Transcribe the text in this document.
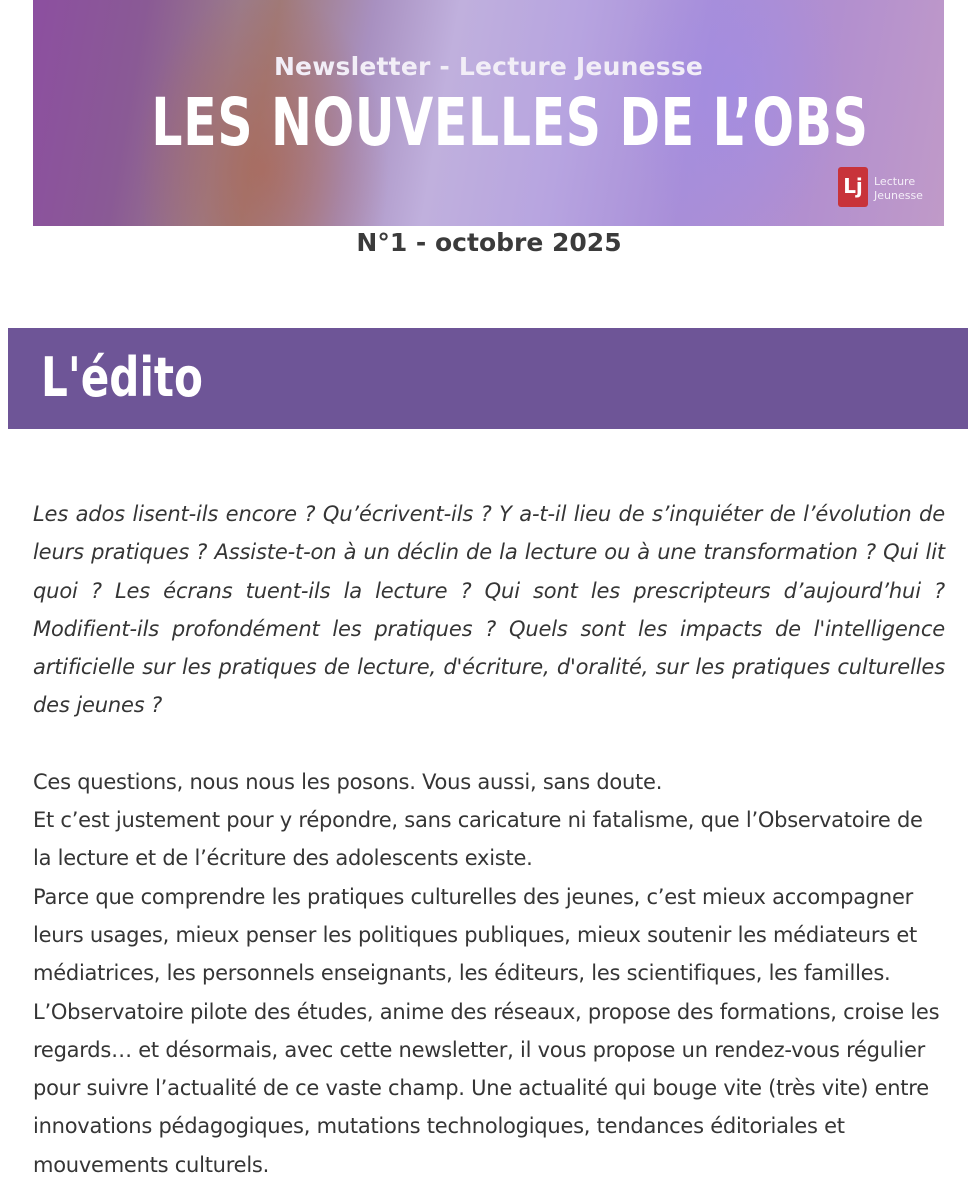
Newsletter - Lecture Jeunesse
LES NOUVELLES DE L’OBS
Lj	Lecture
Jeunesse
N°1 - octobre 2025
L'édito

Les ados lisent-ils encore ? Qu’écrivent-ils ? Y a-t-il lieu de s’inquiéter de l’évolution de leurs pratiques ? Assiste-t-on à un déclin de la lecture ou à une transformation ? Qui lit quoi ? Les écrans tuent-ils la lecture ? Qui sont les prescripteurs d’aujourd’hui ? Modifient-ils profondément les pratiques ? Quels sont les impacts de l'intelligence artificielle sur les pratiques de lecture, d'écriture, d'oralité, sur les pratiques culturelles des jeunes ?

Ces questions, nous nous les posons. Vous aussi, sans doute.

Et c’est justement pour y répondre, sans caricature ni fatalisme, que l’Observatoire de la lecture et de l’écriture des adolescents existe.

Parce que comprendre les pratiques culturelles des jeunes, c’est mieux accompagner leurs usages, mieux penser les politiques publiques, mieux soutenir les médiateurs et médiatrices, les personnels enseignants, les éditeurs, les scientifiques, les familles.

L’Observatoire pilote des études, anime des réseaux, propose des formations, croise les regards… et désormais, avec cette newsletter, il vous propose un rendez-vous régulier pour suivre l’actualité de ce vaste champ. Une actualité qui bouge vite (très vite) entre innovations pédagogiques, mutations technologiques, tendances éditoriales et mouvements culturels.
